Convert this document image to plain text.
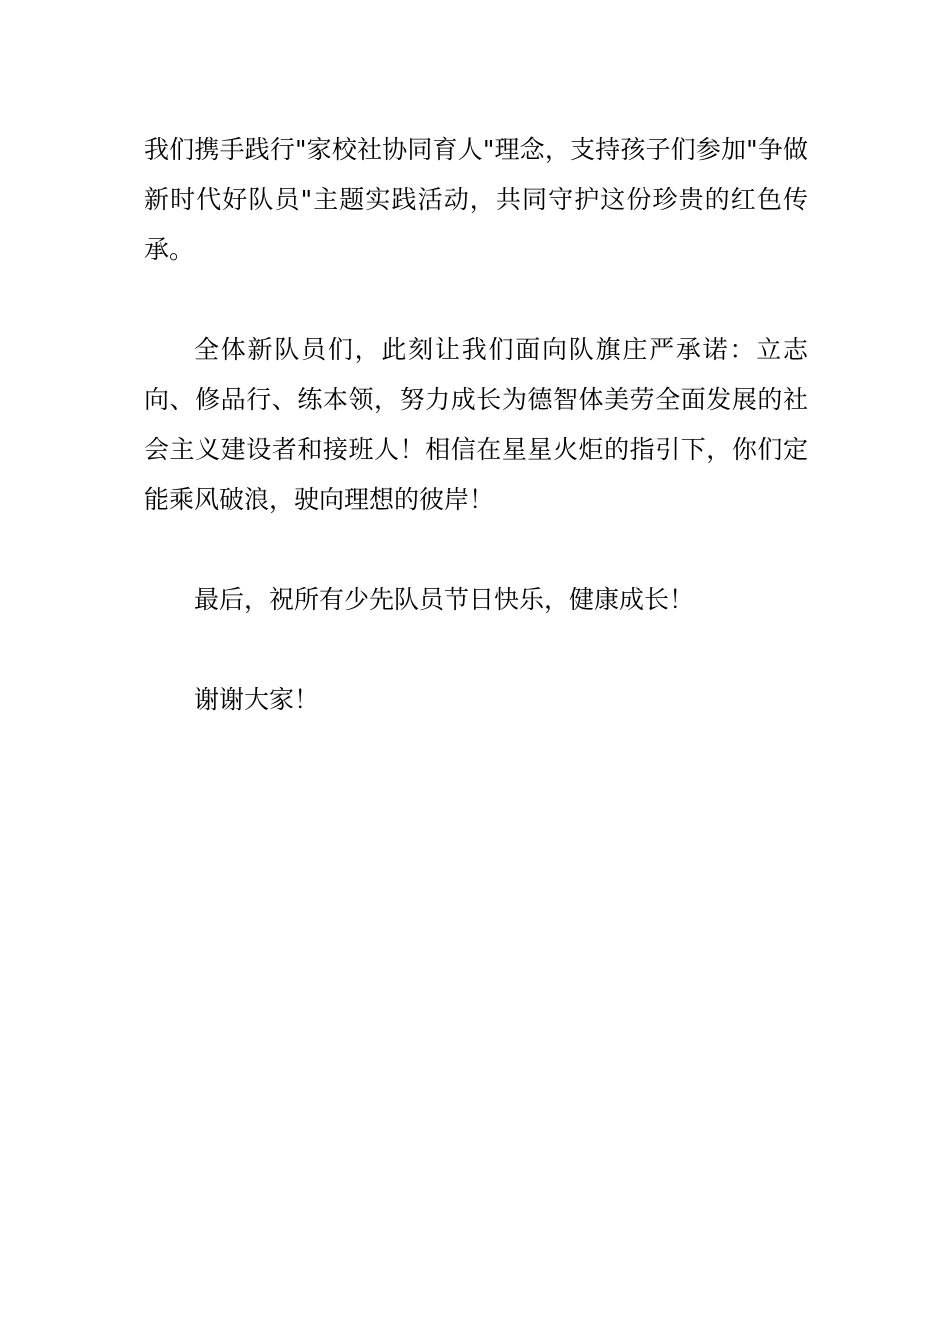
我们携手践行"家校社协同育人"理念，支持孩子们参加"争做新时代好队员"主题实践活动，共同守护这份珍贵的红色传承。

全体新队员们，此刻让我们面向队旗庄严承诺：立志向、修品行、练本领，努力成长为德智体美劳全面发展的社会主义建设者和接班人！相信在星星火炬的指引下，你们定能乘风破浪，驶向理想的彼岸！

最后，祝所有少先队员节日快乐，健康成长！

谢谢大家！
